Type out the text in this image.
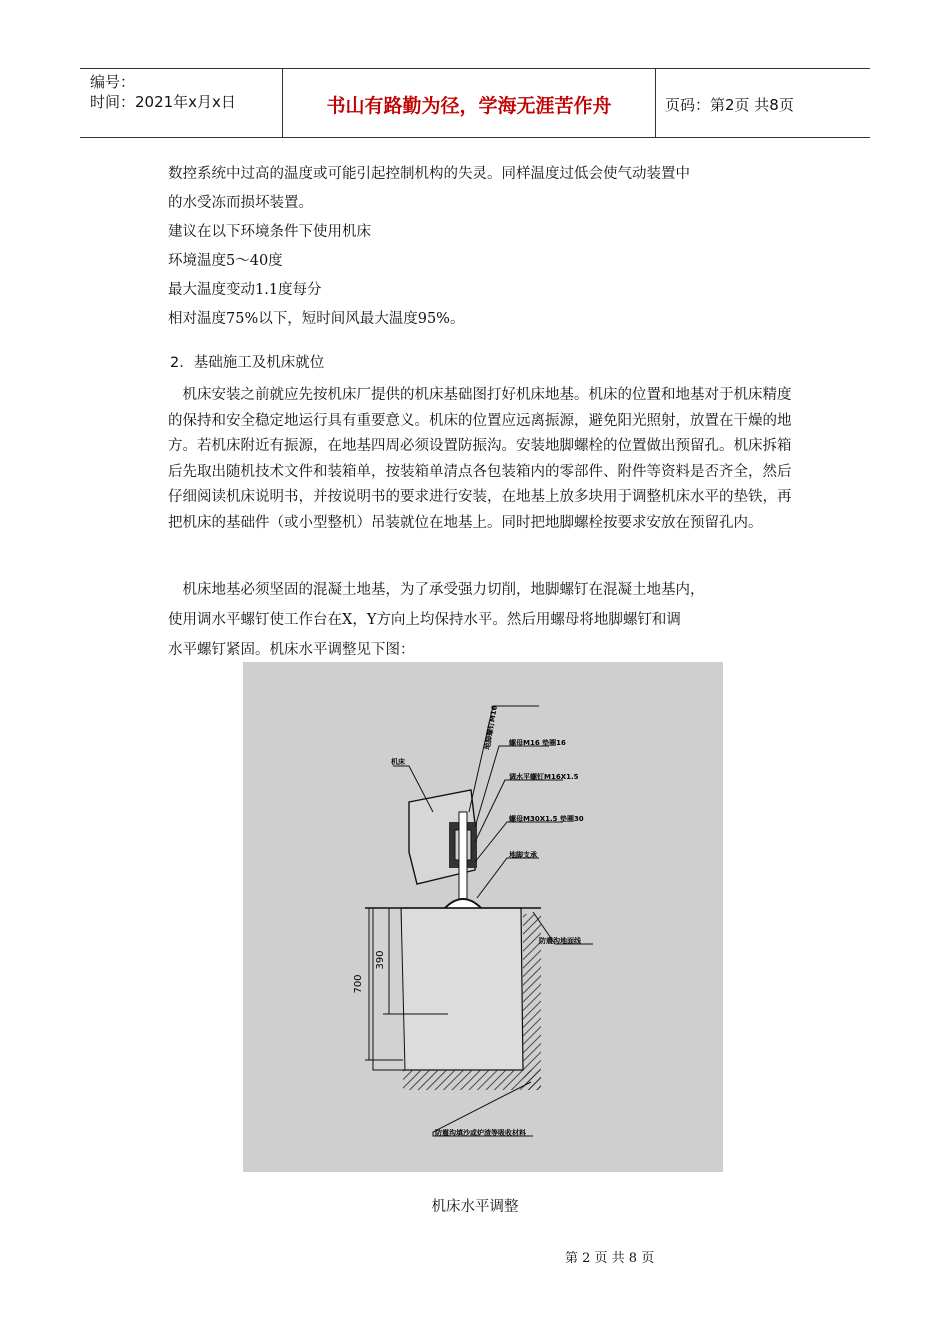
编号：
时间：2021年x月x日	书山有路勤为径，学海无涯苦作舟	页码：第2页 共8页
数控系统中过高的温度或可能引起控制机构的失灵。同样温度过低会使气动装置中
的水受冻而损坏装置。
建议在以下环境条件下使用机床
环境温度5～40度
最大温度变动1.1度每分
相对温度75%以下，短时间风最大温度95%。
2．基础施工及机床就位
　机床安装之前就应先按机床厂提供的机床基础图打好机床地基。机床的位置和地基对于机床精度的保持和安全稳定地运行具有重要意义。机床的位置应远离振源，避免阳光照射，放置在干燥的地方。若机床附近有振源，在地基四周必须设置防振沟。安装地脚螺栓的位置做出预留孔。机床拆箱后先取出随机技术文件和装箱单，按装箱单清点各包装箱内的零部件、附件等资料是否齐全，然后仔细阅读机床说明书，并按说明书的要求进行安装，在地基上放多块用于调整机床水平的垫铁，再把机床的基础件（或小型整机）吊装就位在地基上。同时把地脚螺栓按要求安放在预留孔内。
　机床地基必须坚固的混凝土地基，为了承受强力切削，地脚螺钉在混凝土地基内，
使用调水平螺钉使工作台在X，Y方向上均保持水平。然后用螺母将地脚螺钉和调
水平螺钉紧固。机床水平调整见下图：
700
390
地脚螺钉M16 螺母M16 垫圈16
调水平螺钉M16X1.5
螺母M30X1.5 垫圈30
地脚支承
机床
防震沟地面线
防震沟填沙或炉渣等吸收材料
机床水平调整
第 2 页 共 8 页
